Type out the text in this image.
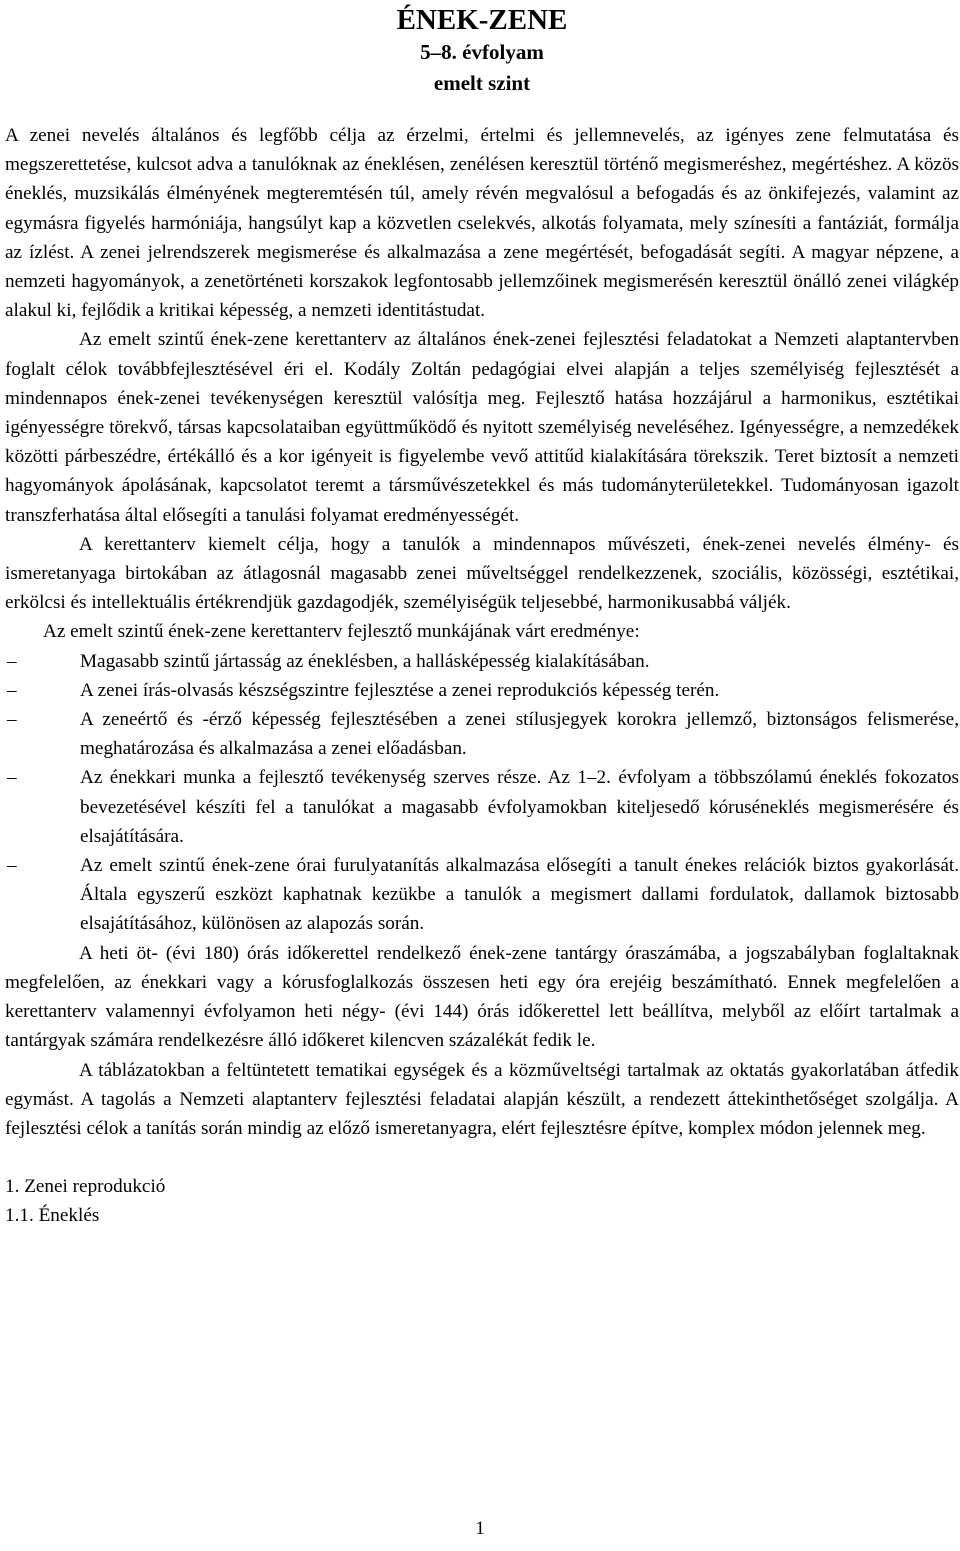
ÉNEK-ZENE
5–8. évfolyam
emelt szint

A zenei nevelés általános és legfőbb célja az érzelmi, értelmi és jellemnevelés, az igényes zene felmutatása és megszerettetése, kulcsot adva a tanulóknak az éneklésen, zenélésen keresztül történő megismeréshez, megértéshez. A közös éneklés, muzsikálás élményének megteremtésén túl, amely révén megvalósul a befogadás és az önkifejezés, valamint az egymásra figyelés harmóniája, hangsúlyt kap a közvetlen cselekvés, alkotás folyamata, mely színesíti a fantáziát, formálja az ízlést. A zenei jelrendszerek megismerése és alkalmazása a zene megértését, befogadását segíti. A magyar népzene, a nemzeti hagyományok, a zenetörténeti korszakok legfontosabb jellemzőinek megismerésén keresztül önálló zenei világkép alakul ki, fejlődik a kritikai képesség, a nemzeti identitástudat.

Az emelt szintű ének-zene kerettanterv az általános ének-zenei fejlesztési feladatokat a Nemzeti alaptantervben foglalt célok továbbfejlesztésével éri el. Kodály Zoltán pedagógiai elvei alapján a teljes személyiség fejlesztését a mindennapos ének-zenei tevékenységen keresztül valósítja meg. Fejlesztő hatása hozzájárul a harmonikus, esztétikai igényességre törekvő, társas kapcsolataiban együttműködő és nyitott személyiség neveléséhez. Igényességre, a nemzedékek közötti párbeszédre, értékálló és a kor igényeit is figyelembe vevő attitűd kialakítására törekszik. Teret biztosít a nemzeti hagyományok ápolásának, kapcsolatot teremt a társművészetekkel és más tudományterületekkel. Tudományosan igazolt transzferhatása által elősegíti a tanulási folyamat eredményességét.

A kerettanterv kiemelt célja, hogy a tanulók a mindennapos művészeti, ének-zenei nevelés élmény- és ismeretanyaga birtokában az átlagosnál magasabb zenei műveltséggel rendelkezzenek, szociális, közösségi, esztétikai, erkölcsi és intellektuális értékrendjük gazdagodjék, személyiségük teljesebbé, harmonikusabbá váljék.

Az emelt szintű ének-zene kerettanterv fejlesztő munkájának várt eredménye:

–	Magasabb szintű jártasság az éneklésben, a hallásképesség kialakításában.
–	A zenei írás-olvasás készségszintre fejlesztése a zenei reprodukciós képesség terén.
–	A zeneértő és -érző képesség fejlesztésében a zenei stílusjegyek korokra jellemző, biztonságos felismerése, meghatározása és alkalmazása a zenei előadásban.
–	Az énekkari munka a fejlesztő tevékenység szerves része. Az 1–2. évfolyam a többszólamú éneklés fokozatos bevezetésével készíti fel a tanulókat a magasabb évfolyamokban kiteljesedő kóruséneklés megismerésére és elsajátítására.
–	Az emelt szintű ének-zene órai furulyatanítás alkalmazása elősegíti a tanult énekes relációk biztos gyakorlását. Általa egyszerű eszközt kaphatnak kezükbe a tanulók a megismert dallami fordulatok, dallamok biztosabb elsajátításához, különösen az alapozás során.

A heti öt- (évi 180) órás időkerettel rendelkező ének-zene tantárgy óraszámába, a jogszabályban foglaltaknak megfelelően, az énekkari vagy a kórusfoglalkozás összesen heti egy óra erejéig beszámítható. Ennek megfelelően a kerettanterv valamennyi évfolyamon heti négy- (évi 144) órás időkerettel lett beállítva, melyből az előírt tartalmak a tantárgyak számára rendelkezésre álló időkeret kilencven százalékát fedik le.

A táblázatokban a feltüntetett tematikai egységek és a közműveltségi tartalmak az oktatás gyakorlatában átfedik egymást. A tagolás a Nemzeti alaptanterv fejlesztési feladatai alapján készült, a rendezett áttekinthetőséget szolgálja. A fejlesztési célok a tanítás során mindig az előző ismeretanyagra, elért fejlesztésre építve, komplex módon jelennek meg.

1. Zenei reprodukció
1.1. Éneklés
1
